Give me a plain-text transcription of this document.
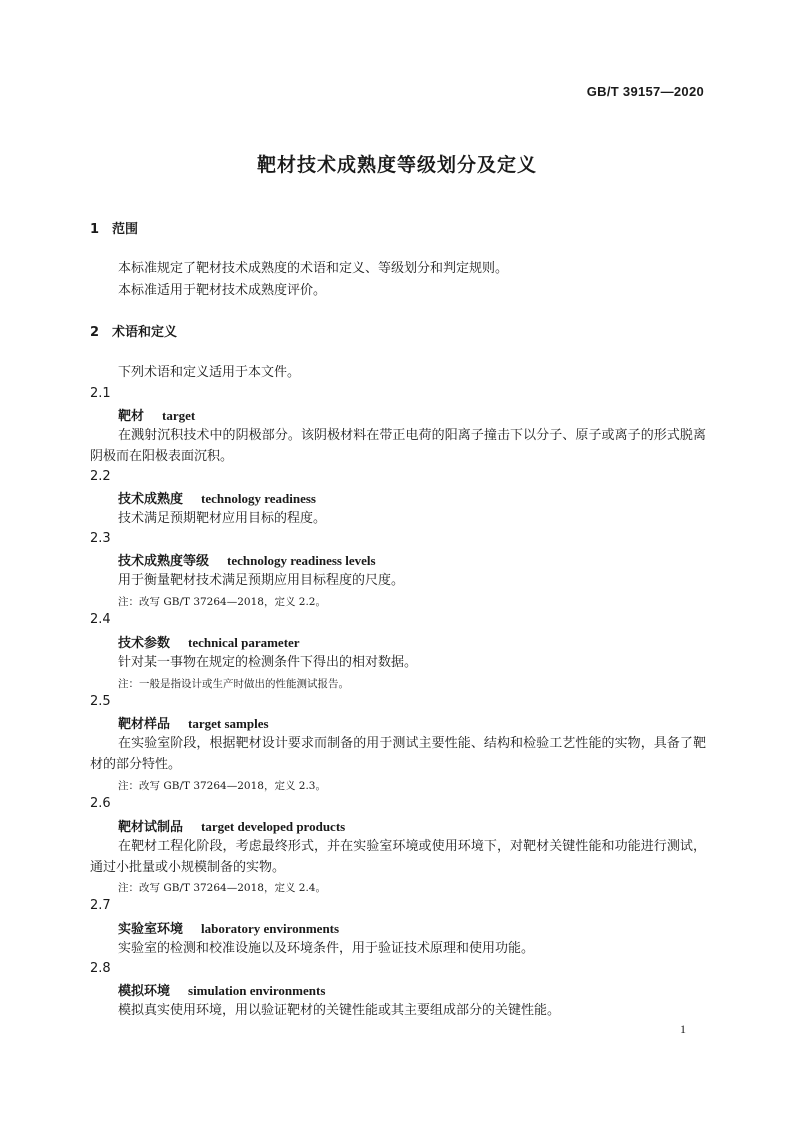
GB/T 39157—2020
靶材技术成熟度等级划分及定义
1 范围
本标准规定了靶材技术成熟度的术语和定义、等级划分和判定规则。
本标准适用于靶材技术成熟度评价。
2 术语和定义
下列术语和定义适用于本文件。
2.1
靶材 target
在溅射沉积技术中的阴极部分。该阴极材料在带正电荷的阳离子撞击下以分子、原子或离子的形式脱离阴极而在阳极表面沉积。
2.2
技术成熟度 technology readiness
技术满足预期靶材应用目标的程度。
2.3
技术成熟度等级 technology readiness levels
用于衡量靶材技术满足预期应用目标程度的尺度。
注：改写 GB/T 37264—2018，定义 2.2。
2.4
技术参数 technical parameter
针对某一事物在规定的检测条件下得出的相对数据。
注：一般是指设计或生产时做出的性能测试报告。
2.5
靶材样品 target samples
在实验室阶段，根据靶材设计要求而制备的用于测试主要性能、结构和检验工艺性能的实物，具备了靶材的部分特性。
注：改写 GB/T 37264—2018，定义 2.3。
2.6
靶材试制品 target developed products
在靶材工程化阶段，考虑最终形式，并在实验室环境或使用环境下，对靶材关键性能和功能进行测试，通过小批量或小规模制备的实物。
注：改写 GB/T 37264—2018，定义 2.4。
2.7
实验室环境 laboratory environments
实验室的检测和校准设施以及环境条件，用于验证技术原理和使用功能。
2.8
模拟环境 simulation environments
模拟真实使用环境，用以验证靶材的关键性能或其主要组成部分的关键性能。
1
